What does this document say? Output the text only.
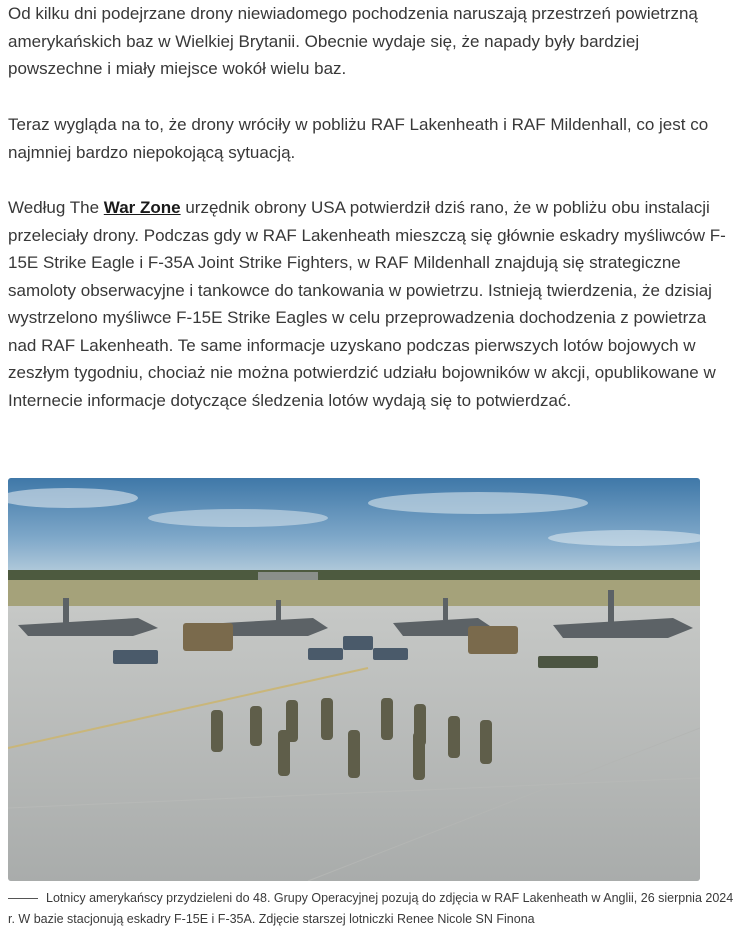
Od kilku dni podejrzane drony niewiadomego pochodzenia naruszają przestrzeń powietrzną amerykańskich baz w Wielkiej Brytanii. Obecnie wydaje się, że napady były bardziej powszechne i miały miejsce wokół wielu baz.

Teraz wygląda na to, że drony wróciły w pobliżu RAF Lakenheath i RAF Mildenhall, co jest co najmniej bardzo niepokojącą sytuacją.

Według The War Zone urzędnik obrony USA potwierdził dziś rano, że w pobliżu obu instalacji przeleciały drony. Podczas gdy w RAF Lakenheath mieszczą się głównie eskadry myśliwców F-15E Strike Eagle i F-35A Joint Strike Fighters, w RAF Mildenhall znajdują się strategiczne samoloty obserwacyjne i tankowce do tankowania w powietrzu. Istnieją twierdzenia, że dzisiaj wystrzelono myśliwce F-15E Strike Eagles w celu przeprowadzenia dochodzenia z powietrza nad RAF Lakenheath. Te same informacje uzyskano podczas pierwszych lotów bojowych w zeszłym tygodniu, chociaż nie można potwierdzić udziału bojowników w akcji, opublikowane w Internecie informacje dotyczące śledzenia lotów wydają się to potwierdzać.

Lotnicy amerykańscy przydzieleni do 48. Grupy Operacyjnej pozują do zdjęcia w RAF Lakenheath w Anglii, 26 sierpnia 2024 r. W bazie stacjonują eskadry F-15E i F-35A. Zdjęcie starszej lotniczki Renee Nicole SN Finona
